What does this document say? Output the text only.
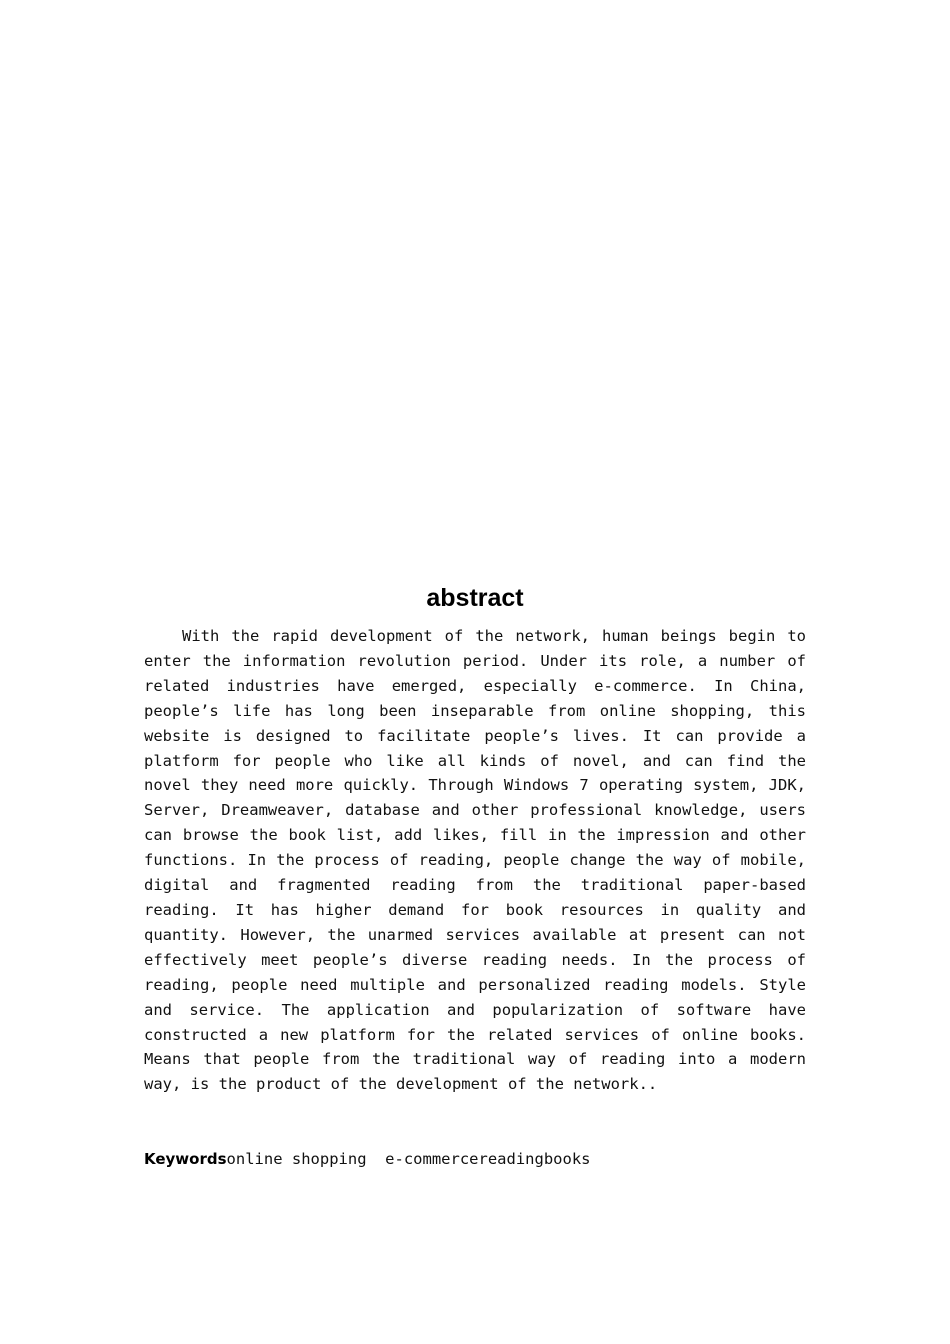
abstract

With the rapid development of the network, human beings begin to enter the information revolution period. Under its role, a number of related industries have emerged, especially e-commerce. In China, people’s life has long been inseparable from online shopping, this website is designed to facilitate people’s lives. It can provide a platform for people who like all kinds of novel, and can find the novel they need more quickly. Through Windows 7 operating system, JDK, Server, Dreamweaver, database and other professional knowledge, users can browse the book list, add likes, fill in the impression and other functions. In the process of reading, people change the way of mobile, digital and fragmented reading from the traditional paper-based reading. It has higher demand for book resources in quality and quantity. However, the unarmed services available at present can not effectively meet people’s diverse reading needs. In the process of reading, people need multiple and personalized reading models. Style and service. The application and popularization of software have constructed a new platform for the related services of online books. Means that people from the traditional way of reading into a modern way, is the product of the development of the network..

Keywordsonline shopping  e-commercereadingbooks
